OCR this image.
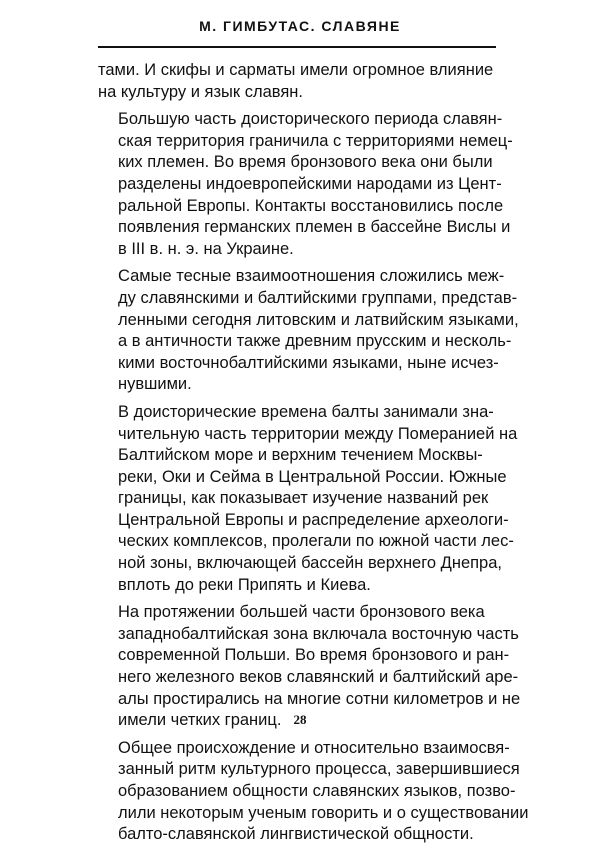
М. ГИМБУТАС. СЛАВЯНЕ

тами. И скифы и сарматы имели огромное влияние
на культуру и язык славян.

Большую часть доисторического периода славян-
ская территория граничила с территориями немец-
ких племен. Во время бронзового века они были
разделены индоевропейскими народами из Цент-
ральной Европы. Контакты восстановились после
появления германских племен в бассейне Вислы и
в III в. н. э. на Украине.

Самые тесные взаимоотношения сложились меж-
ду славянскими и балтийскими группами, представ-
ленными сегодня литовским и латвийским языками,
а в античности также древним прусским и несколь-
кими восточнобалтийскими языками, ныне исчез-
нувшими.

В доисторические времена балты занимали зна-
чительную часть территории между Померанией на
Балтийском море и верхним течением Москвы-
реки, Оки и Сейма в Центральной России. Южные
границы, как показывает изучение названий рек
Центральной Европы и распределение археологи-
ческих комплексов, пролегали по южной части лес-
ной зоны, включающей бассейн верхнего Днепра,
вплоть до реки Припять и Киева.

На протяжении большей части бронзового века
западнобалтийская зона включала восточную часть
современной Польши. Во время бронзового и ран-
него железного веков славянский и балтийский аре-
алы простирались на многие сотни километров и не
имели четких границ.

Общее происхождение и относительно взаимосвя-
занный ритм культурного процесса, завершившиеся
образованием общности славянских языков, позво-
лили некоторым ученым говорить и о существовании
балто-славянской лингвистической общности.

28
